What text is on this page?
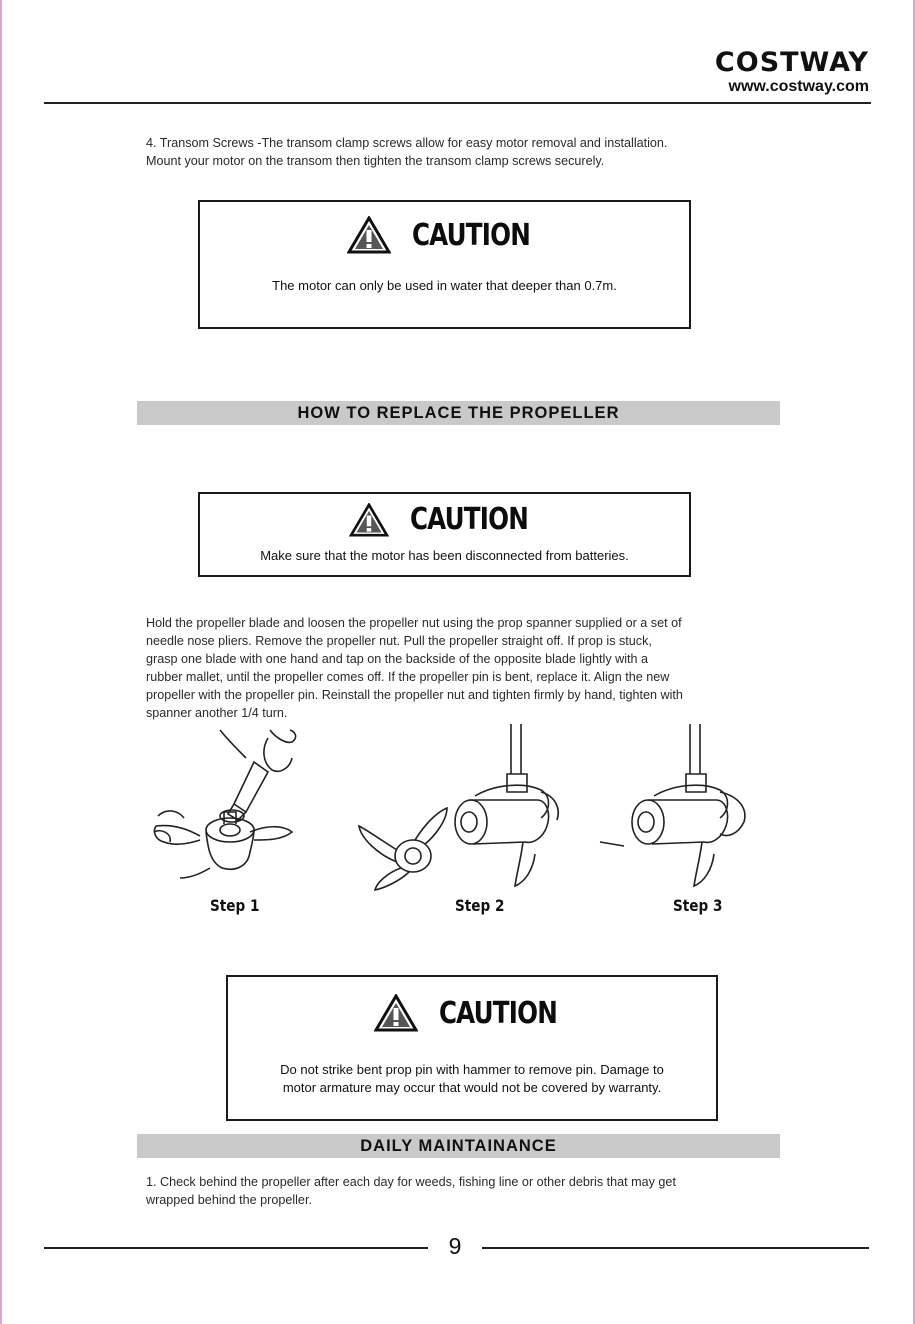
COSTWAY
www.costway.com
4. Transom Screws -The transom clamp screws allow for easy motor removal and installation.
Mount your motor on the transom then tighten the transom clamp screws securely.
CAUTION
The motor can only be used in water that deeper than 0.7m.
HOW TO REPLACE THE PROPELLER
CAUTION
Make sure that the motor has been disconnected from batteries.
Hold the propeller blade and loosen the propeller nut using the prop spanner supplied or a set of
needle nose pliers. Remove the propeller nut. Pull the propeller straight off. If prop is stuck,
grasp one blade with one hand and tap on the backside of the opposite blade lightly with a
rubber mallet, until the propeller comes off. If the propeller pin is bent, replace it. Align the new
propeller with the propeller pin. Reinstall the propeller nut and tighten firmly by hand, tighten with
spanner another 1/4 turn.
Step 1	Step 2	Step 3
CAUTION
Do not strike bent prop pin with hammer to remove pin. Damage to
motor armature may occur that would not be covered by warranty.
DAILY MAINTAINANCE
1. Check behind the propeller after each day for weeds, fishing line or other debris that may get
wrapped behind the propeller.
9
